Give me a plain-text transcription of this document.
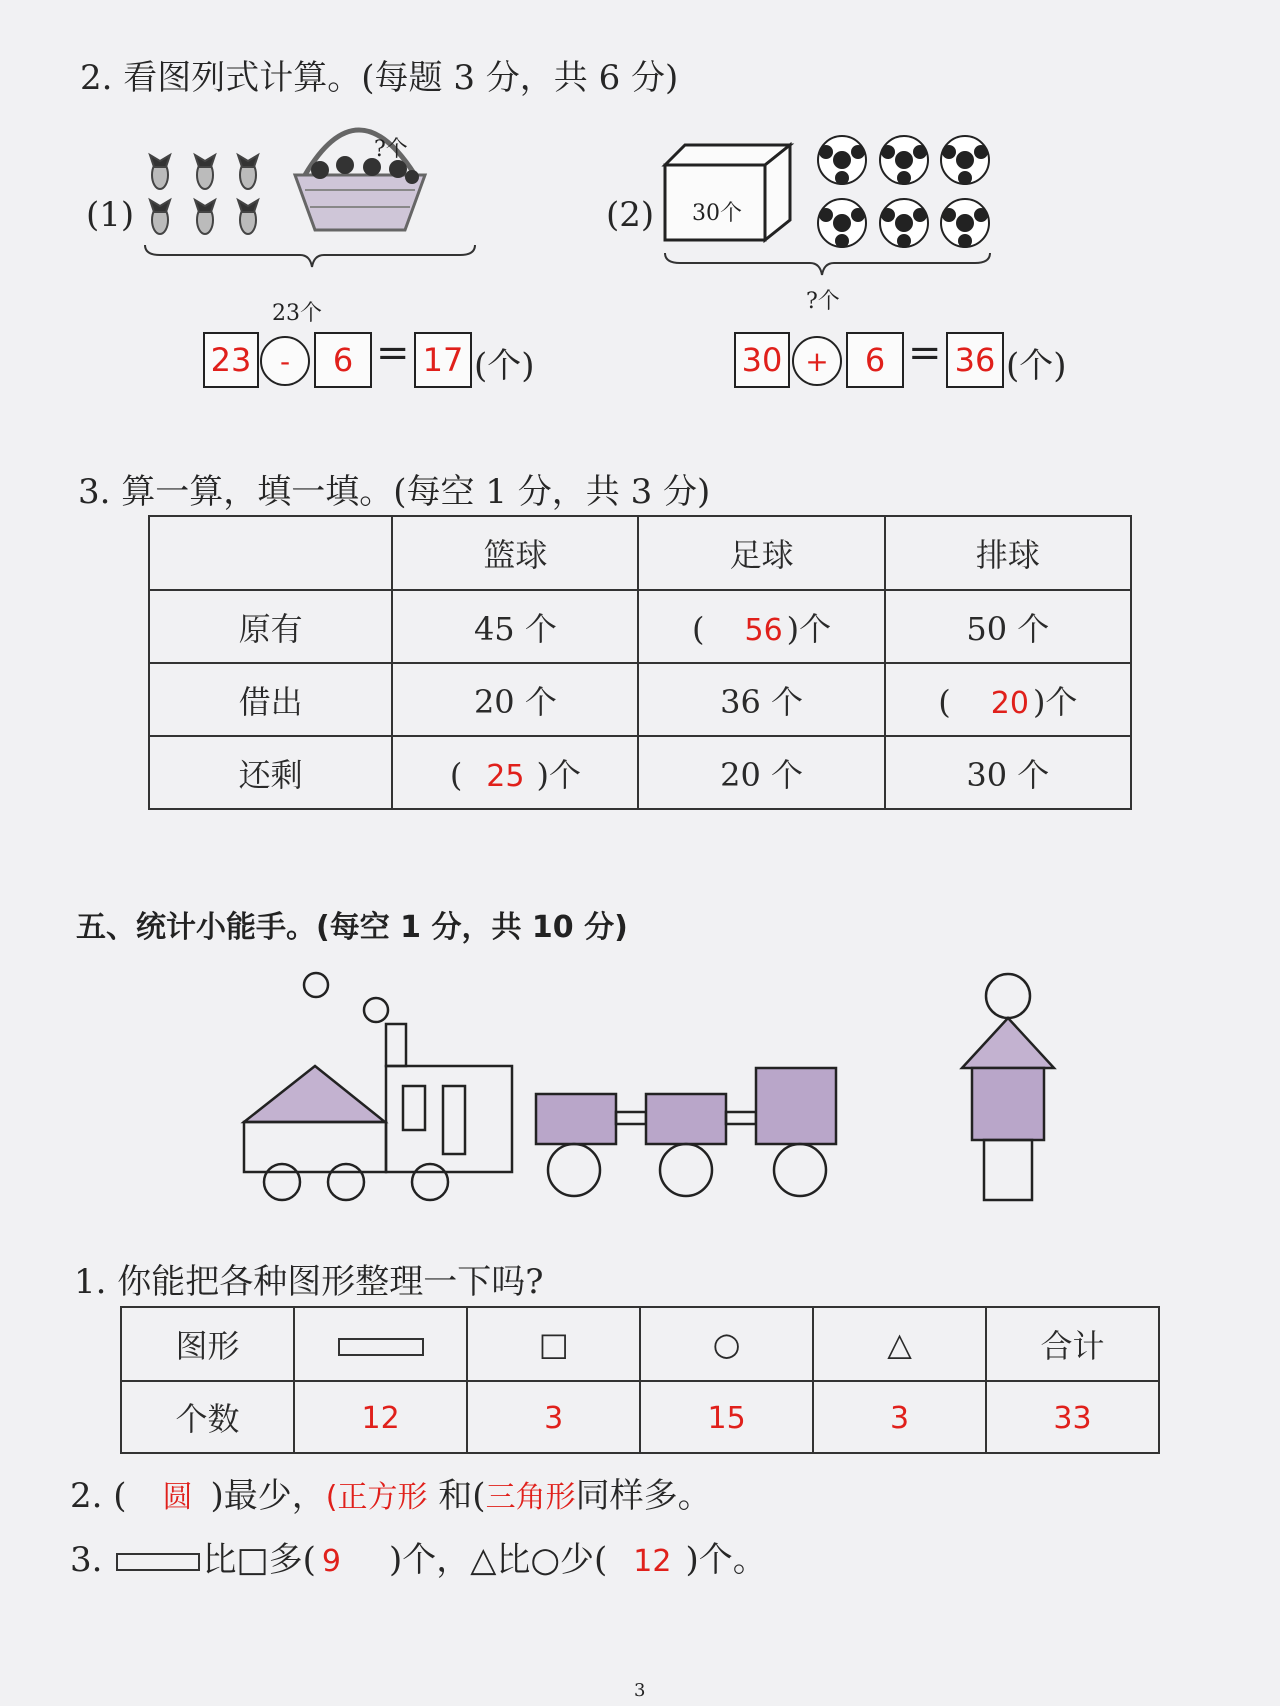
2. 看图列式计算。(每题 3 分，共 6 分)
(1)
?个
23个
23	-	6 = 17 (个)
(2) 30个
?个
30 +	6 = 36 (个)
3. 算一算，填一填。(每空 1 分，共 3 分)
	篮球	足球	排球
原有	45 个	( 56 )个	50 个
借出	20 个	36 个	( 20 )个
还剩	( 25 )个	20 个	30 个
五、统计小能手。(每空 1 分，共 10 分)
1. 你能把各种图形整理一下吗?
图形		□	○	△	合计
个数	12	3	15	3	33
2. ( 圆 )最少，(正方形 和(三角形同样多。
3.	比□多( 9 )个，△比○少( 12 )个。
3
